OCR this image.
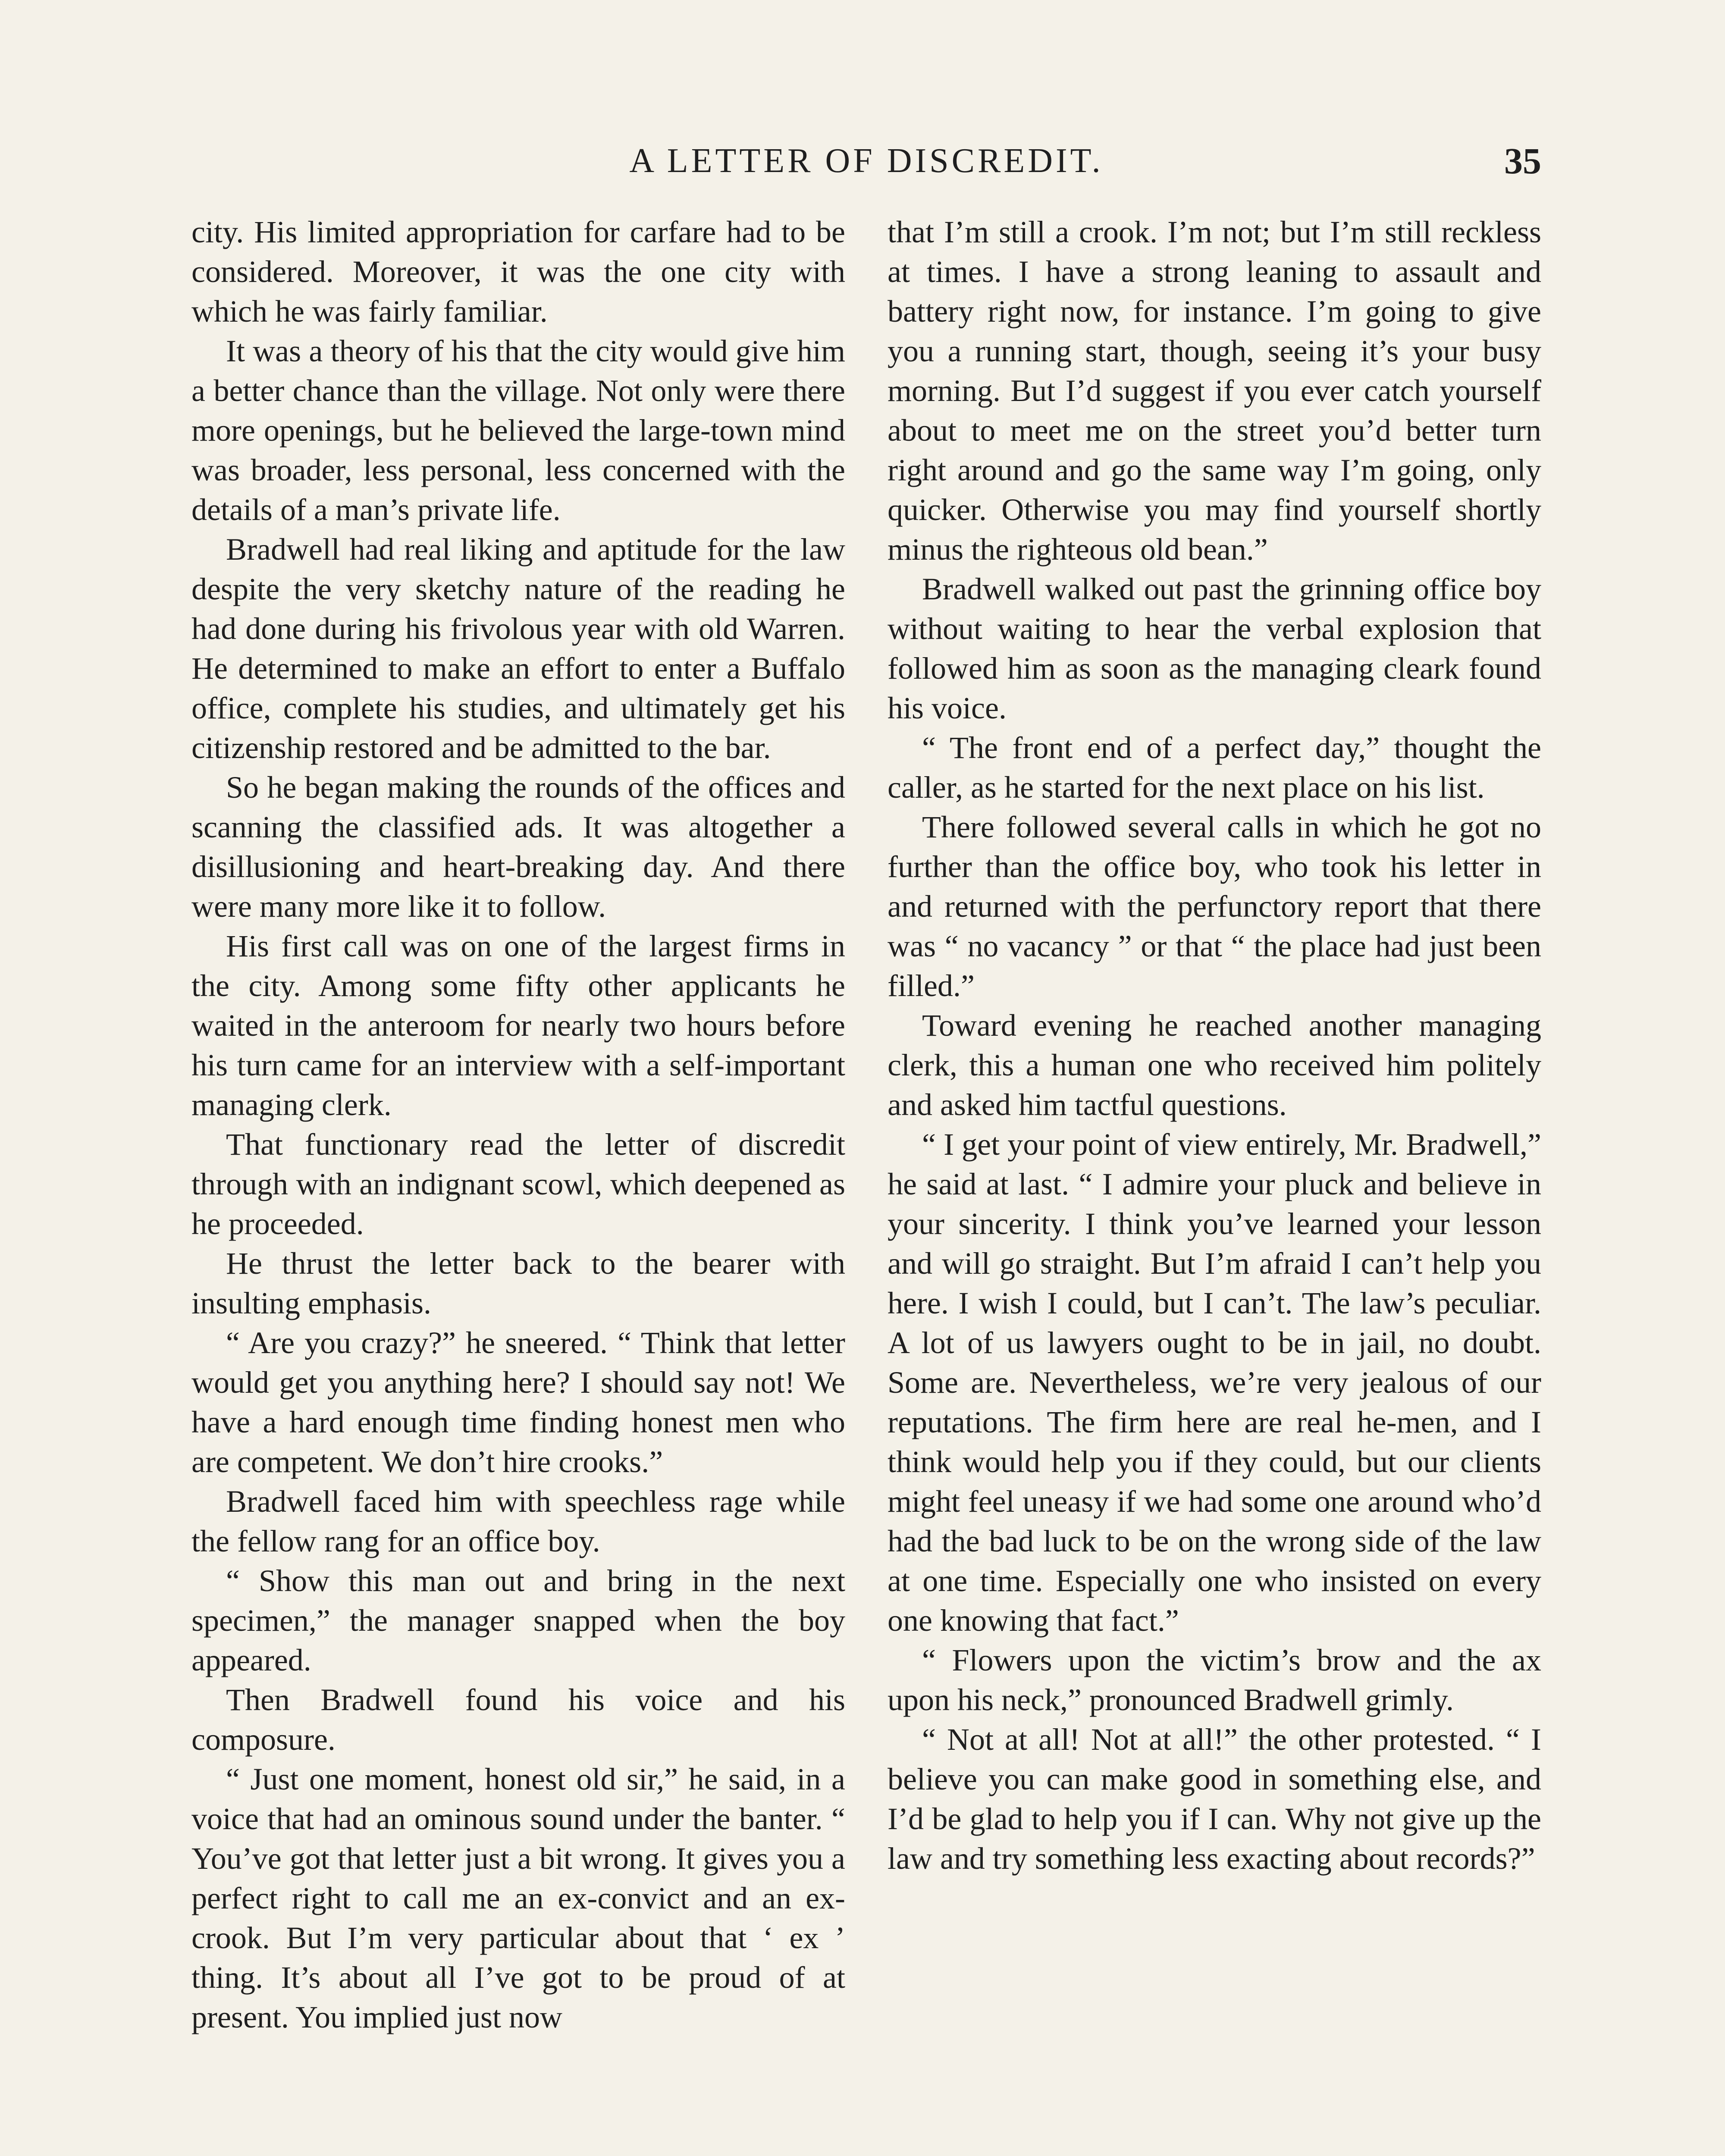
A LETTER OF DISCREDIT.	35

city. His limited appropriation for carfare had to be considered. Moreover, it was the one city with which he was fairly familiar.

It was a theory of his that the city would give him a better chance than the village. Not only were there more openings, but he believed the large-town mind was broader, less personal, less concerned with the details of a man’s private life.

Bradwell had real liking and aptitude for the law despite the very sketchy nature of the reading he had done during his frivolous year with old Warren. He determined to make an effort to enter a Buffalo office, complete his studies, and ultimately get his citizenship restored and be admitted to the bar.

So he began making the rounds of the offices and scanning the classified ads. It was altogether a disillusioning and heart-breaking day. And there were many more like it to follow.

His first call was on one of the largest firms in the city. Among some fifty other applicants he waited in the anteroom for nearly two hours before his turn came for an interview with a self-important managing clerk.

That functionary read the letter of discredit through with an indignant scowl, which deepened as he proceeded.

He thrust the letter back to the bearer with insulting emphasis.

“ Are you crazy?” he sneered. “ Think that letter would get you anything here? I should say not! We have a hard enough time finding honest men who are competent. We don’t hire crooks.”

Bradwell faced him with speechless rage while the fellow rang for an office boy.

“ Show this man out and bring in the next specimen,” the manager snapped when the boy appeared.

Then Bradwell found his voice and his composure.

“ Just one moment, honest old sir,” he said, in a voice that had an ominous sound under the banter. “ You’ve got that letter just a bit wrong. It gives you a perfect right to call me an ex-convict and an ex-crook. But I’m very particular about that ‘ ex ’ thing. It’s about all I’ve got to be proud of at present. You implied just now

that I’m still a crook. I’m not; but I’m still reckless at times. I have a strong leaning to assault and battery right now, for instance. I’m going to give you a running start, though, seeing it’s your busy morning. But I’d suggest if you ever catch yourself about to meet me on the street you’d better turn right around and go the same way I’m going, only quicker. Otherwise you may find yourself shortly minus the righteous old bean.”

Bradwell walked out past the grinning office boy without waiting to hear the verbal explosion that followed him as soon as the managing cleark found his voice.

“ The front end of a perfect day,” thought the caller, as he started for the next place on his list.

There followed several calls in which he got no further than the office boy, who took his letter in and returned with the perfunctory report that there was “ no vacancy ” or that “ the place had just been filled.”

Toward evening he reached another managing clerk, this a human one who received him politely and asked him tactful questions.

“ I get your point of view entirely, Mr. Bradwell,” he said at last. “ I admire your pluck and believe in your sincerity. I think you’ve learned your lesson and will go straight. But I’m afraid I can’t help you here. I wish I could, but I can’t. The law’s peculiar. A lot of us lawyers ought to be in jail, no doubt. Some are. Nevertheless, we’re very jealous of our reputations. The firm here are real he-men, and I think would help you if they could, but our clients might feel uneasy if we had some one around who’d had the bad luck to be on the wrong side of the law at one time. Especially one who insisted on every one knowing that fact.”

“ Flowers upon the victim’s brow and the ax upon his neck,” pronounced Bradwell grimly.

“ Not at all! Not at all!” the other protested. “ I believe you can make good in something else, and I’d be glad to help you if I can. Why not give up the law and try something less exacting about records?”
